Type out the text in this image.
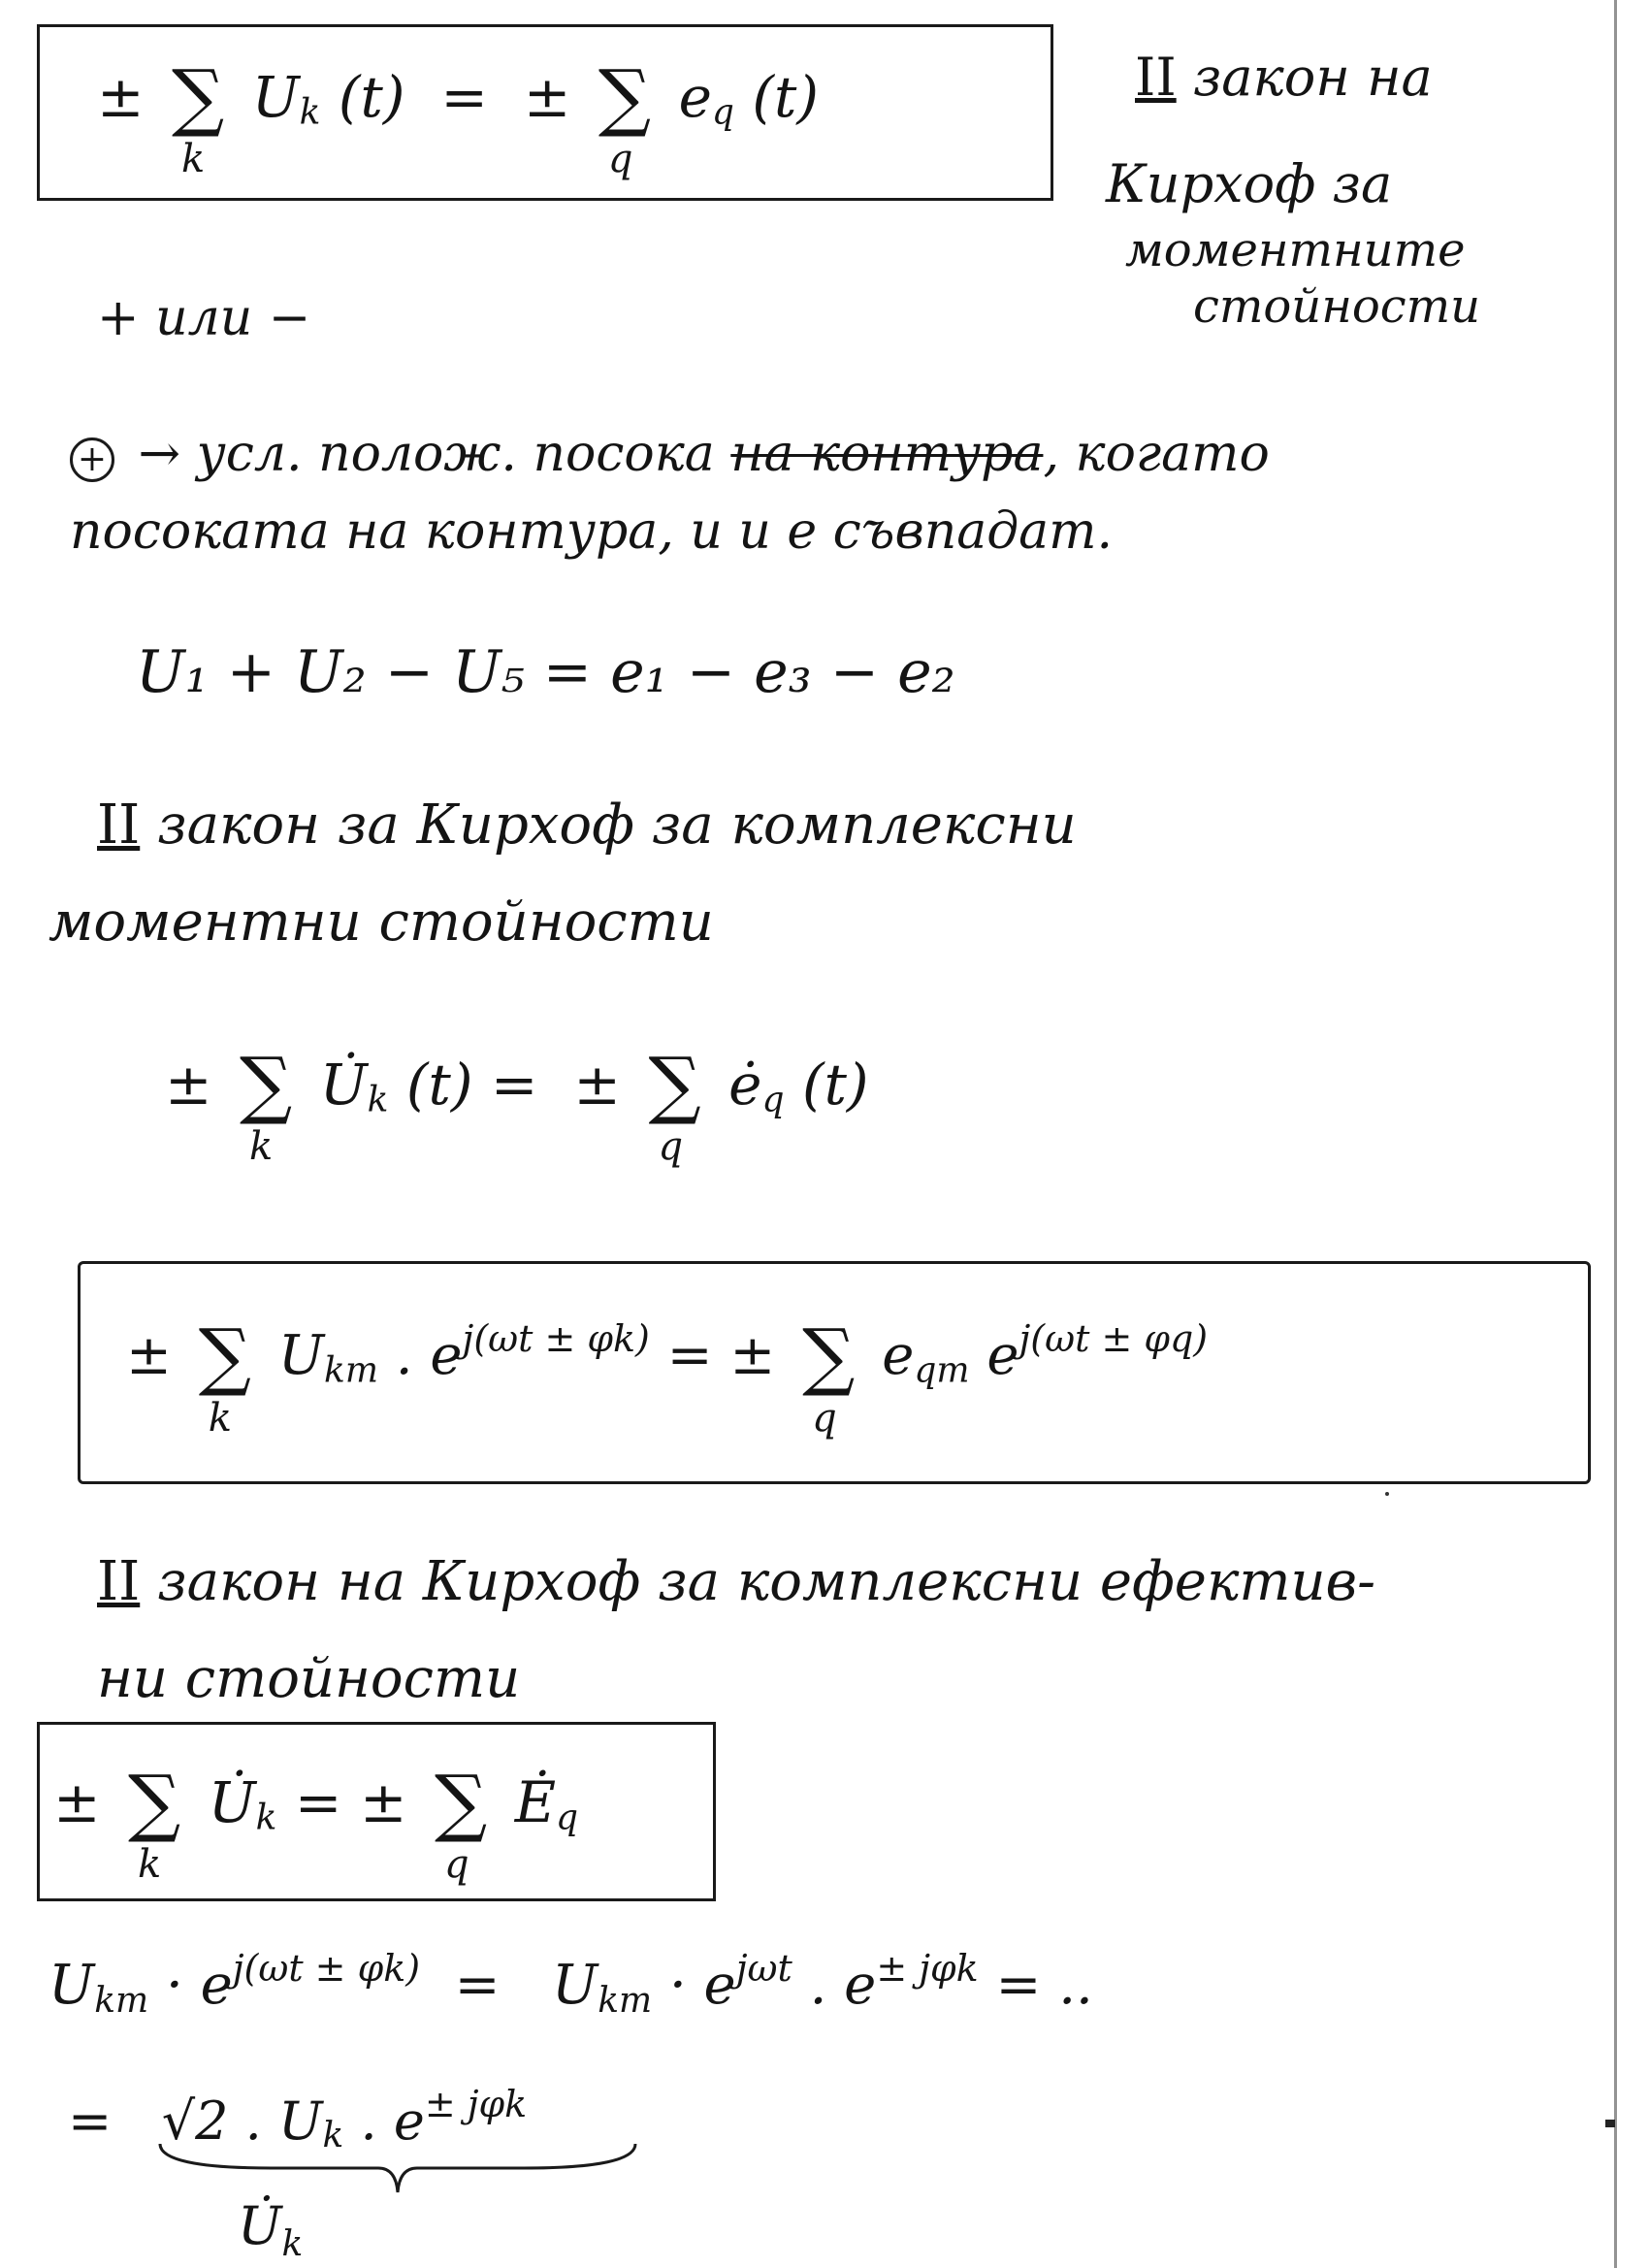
± ∑
k
$U_k$ (t) = ± ∑
q
$e_q$ (t)	II закон на
Кирхоф за
моментните
стойности
+ или −
+ → усл. полож. посока на контура, когато
посоката на контура, и и е съвпадат.
U₁ + U₂ − U₅ = e₁ − e₃ − e₂
II закон за Кирхоф за комплексни
моментни стойности
± ∑
k
$U̇_k$ (t) = ± ∑
q
$ė_q$ (t)
± ∑
k
$U_{km}$ . $e^{j(\omega t \pm \varphi k)}$ = ± ∑
q
$e_{qm}$ $e^{j(\omega t \pm \varphi q)}$
II закон на Кирхоф за комплексни ефектив-
ни стойности
± ∑
k
$U̇_k$ = ± ∑
q
$Ė_q$
$U_{km} \cdot e^{j(\omega t \pm \varphi k)} = U_{km} \cdot e^{j\omega t}$ . $e^{\pm j\varphi k}$ = ..
= √2 . $U_k$ . $e^{\pm j\varphi k}$
$U̇_k$
